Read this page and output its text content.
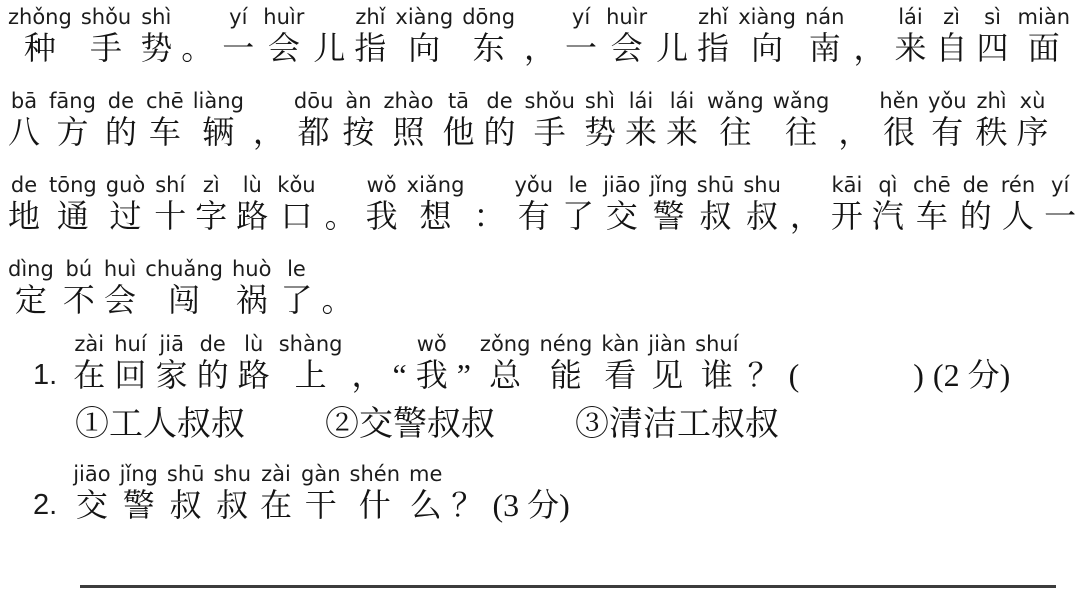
zhǒng
种
shǒu
手
shì
势
。
yí
一
huìr
会
儿
zhǐ
指
xiàng
向
dōng
东
，
yí
一
huìr
会
儿
zhǐ
指
xiàng
向
nán
南
，
lái
来
zì
自
sì
四
miàn
面
bā
八
fāng
方
de
的
chē
车
liàng
辆
，
dōu
都
àn
按
zhào
照
tā
他
de
的
shǒu
手
shì
势
lái
来
lái
来
wǎng
往
wǎng
往
，
hěn
很
yǒu
有
zhì
秩
xù
序
de
地
tōng
通
guò
过
shí
十
zì
字
lù
路
kǒu
口
。
wǒ
我
xiǎng
想
：
yǒu
有
le
了
jiāo
交
jǐng
警
shū
叔
shu
叔
，
kāi
开
qì
汽
chē
车
de
的
rén
人
yí
一
dìng
定
bú
不
huì
会
chuǎng
闯
huò
祸
le
了
。
1.
zài
在
huí
回
jiā
家
de
的
lù
路
shàng
上
，
“
wǒ
我
”
zǒng
总
néng
能
kàn
看
jiàn
见
shuí
谁
？
(

	)
(2 分)
①工人叔叔 ②交警叔叔 ③清洁工叔叔
2.
jiāo
交
jǐng
警
shū
叔
shu
叔
zài
在
gàn
干
shén
什
me
么
？
(3 分)
